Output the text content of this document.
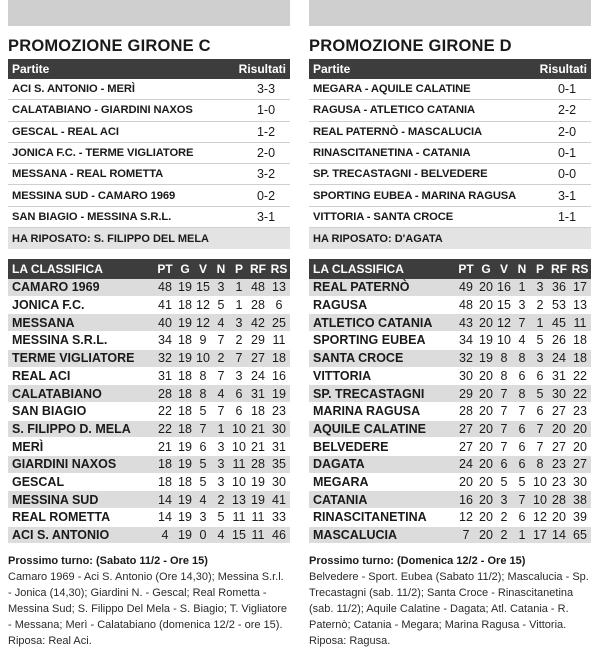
PROMOZIONE GIRONE C
Partite	Risultati
ACI S. ANTONIO - MERÌ	3-3
CALATABIANO - GIARDINI NAXOS	1-0
GESCAL - REAL ACI	1-2
JONICA F.C. - TERME VIGLIATORE	2-0
MESSANA - REAL ROMETTA	3-2
MESSINA SUD - CAMARO 1969	0-2
SAN BIAGIO - MESSINA S.R.L.	3-1
HA RIPOSATO: S. FILIPPO DEL MELA
LA CLASSIFICA	PT G V N P RF RS
CAMARO 1969	48 19 15 3 1 48 13
JONICA F.C.	41 18 12 5 1 28 6
MESSANA	40 19 12 4 3 42 25
MESSINA S.R.L.	34 18 9 7 2 29 11
TERME VIGLIATORE	32 19 10 2 7 27 18
REAL ACI	31 18 8 7 3 24 16
CALATABIANO	28 18 8 4 6 31 19
SAN BIAGIO	22 18 5 7 6 18 23
S. FILIPPO D. MELA	22 18 7 1 10 21 30
MERÌ	21 19 6 3 10 21 31
GIARDINI NAXOS	18 19 5 3 11 28 35
GESCAL	18 18 5 3 10 19 30
MESSINA SUD	14 19 4 2 13 19 41
REAL ROMETTA	14 19 3 5 11 11 33
ACI S. ANTONIO	4 19 0 4 15 11 46
Prossimo turno: (Sabato 11/2 - Ore 15)
Camaro 1969 - Aci S. Antonio (Ore 14,30); Messina S.r.l. - Jonica (14,30); Giardini N. - Gescal; Real Rometta - Messina Sud; S. Filippo Del Mela - S. Biagio; T. Vigliatore - Messana; Merì - Calatabiano (domenica 12/2 - ore 15). Riposa: Real Aci.
PROMOZIONE GIRONE D
Partite	Risultati
MEGARA - AQUILE CALATINE	0-1
RAGUSA - ATLETICO CATANIA	2-2
REAL PATERNÒ - MASCALUCIA	2-0
RINASCITANETINA - CATANIA	0-1
SP. TRECASTAGNI - BELVEDERE	0-0
SPORTING EUBEA - MARINA RAGUSA	3-1
VITTORIA - SANTA CROCE	1-1
HA RIPOSATO: D'AGATA
LA CLASSIFICA	PT G V N P RF RS
REAL PATERNÒ	49 20 16 1 3 36 17
RAGUSA	48 20 15 3 2 53 13
ATLETICO CATANIA	43 20 12 7 1 45 11
SPORTING EUBEA	34 19 10 4 5 26 18
SANTA CROCE	32 19 8 8 3 24 18
VITTORIA	30 20 8 6 6 31 22
SP. TRECASTAGNI	29 20 7 8 5 30 22
MARINA RAGUSA	28 20 7 7 6 27 23
AQUILE CALATINE	27 20 7 6 7 20 20
BELVEDERE	27 20 7 6 7 27 20
DAGATA	24 20 6 6 8 23 27
MEGARA	20 20 5 5 10 23 30
CATANIA	16 20 3 7 10 28 38
RINASCITANETINA	12 20 2 6 12 20 39
MASCALUCIA	7 20 2 1 17 14 65
Prossimo turno: (Domenica 12/2 - Ore 15)
Belvedere - Sport. Eubea (Sabato 11/2); Mascalucia - Sp. Trecastagni (sab. 11/2); Santa Croce - Rinascitanetina (sab. 11/2); Aquile Calatine - Dagata; Atl. Catania - R. Paternò; Catania - Megara; Marina Ragusa - Vittoria. Riposa: Ragusa.
